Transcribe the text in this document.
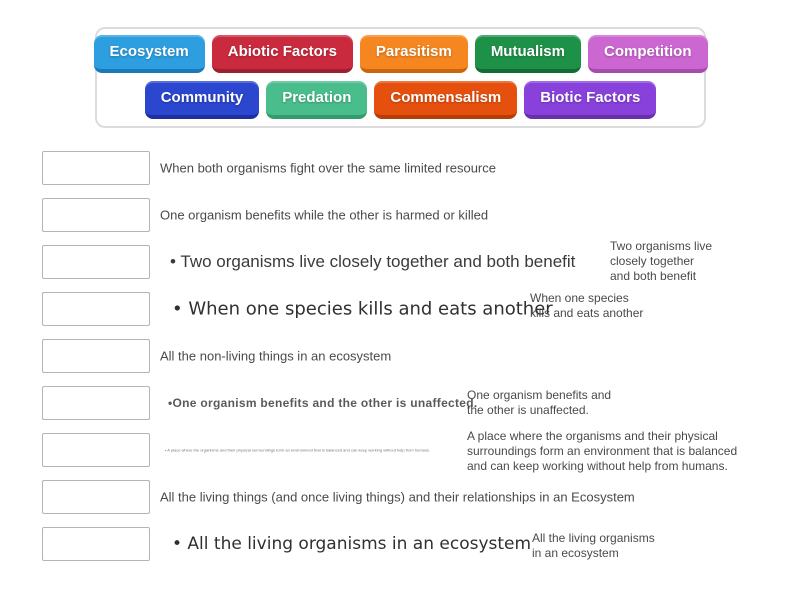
Ecosystem	Abiotic Factors	Parasitism	Mutualism	Competition
Community	Predation	Commensalism	Biotic Factors
When both organisms fight over the same limited resource
One organism benefits while the other is harmed or killed
• Two organisms live closely together and both benefit
Two organisms live
closely together
and both benefit
• When one species kills and eats another
When one species
kills and eats another
All the non-living things in an ecosystem
•One organism benefits and the other is unaffected.
One organism benefits and
the other is unaffected.
• A place where the organisms and their physical surroundings form an environment that is balanced and can keep working without help from humans.
A place where the organisms and their physical
surroundings form an environment that is balanced
and can keep working without help from humans.
All the living things (and once living things) and their relationships in an Ecosystem
• All the living organisms in an ecosystem All the living organisms
in an ecosystem
